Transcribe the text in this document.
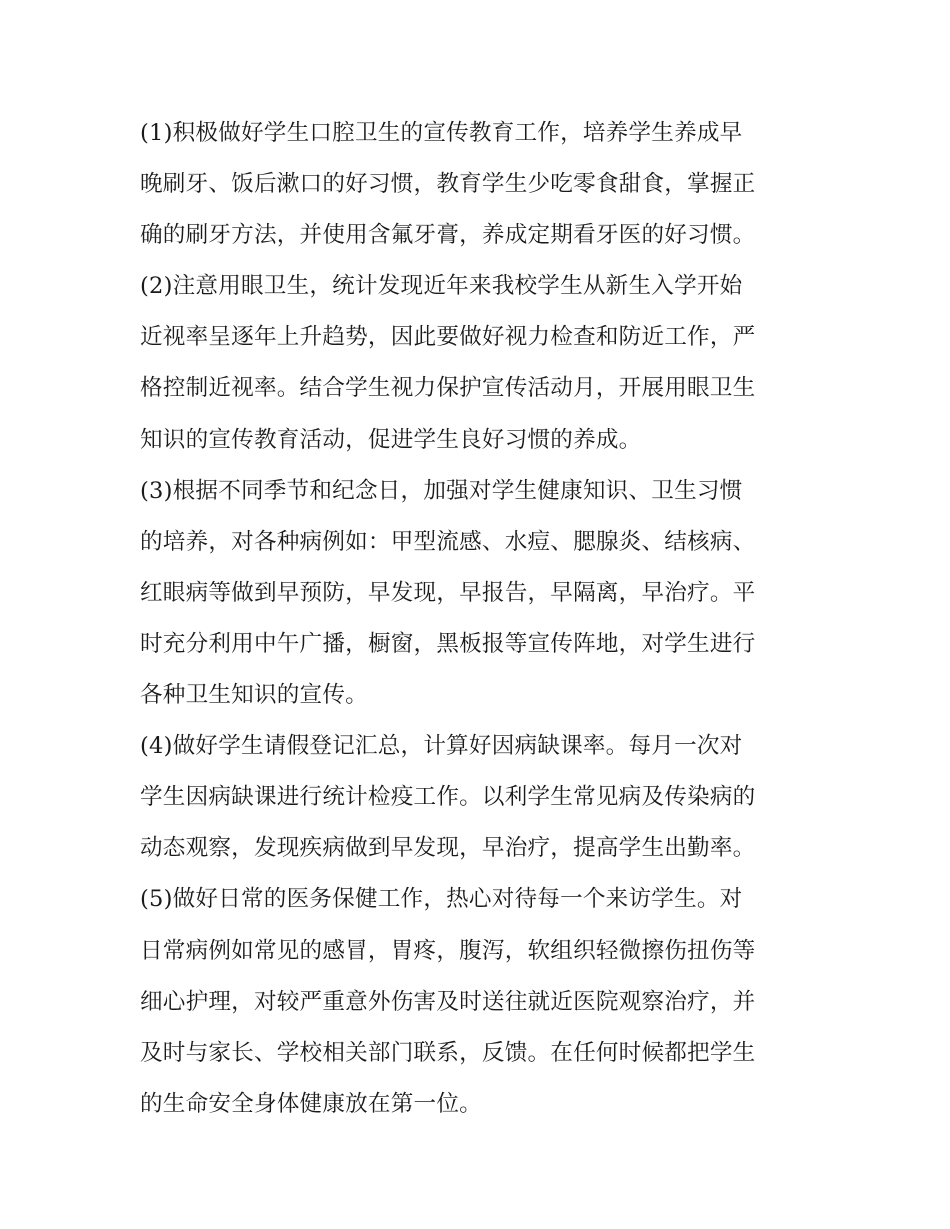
(1)积极做好学生口腔卫生的宣传教育工作，培养学生养成早
晚刷牙、饭后漱口的好习惯，教育学生少吃零食甜食，掌握正
确的刷牙方法，并使用含氟牙膏，养成定期看牙医的好习惯。
(2)注意用眼卫生，统计发现近年来我校学生从新生入学开始
近视率呈逐年上升趋势，因此要做好视力检查和防近工作，严
格控制近视率。结合学生视力保护宣传活动月，开展用眼卫生
知识的宣传教育活动，促进学生良好习惯的养成。
(3)根据不同季节和纪念日，加强对学生健康知识、卫生习惯
的培养，对各种病例如：甲型流感、水痘、腮腺炎、结核病、
红眼病等做到早预防，早发现，早报告，早隔离，早治疗。平
时充分利用中午广播，橱窗，黑板报等宣传阵地，对学生进行
各种卫生知识的宣传。
(4)做好学生请假登记汇总，计算好因病缺课率。每月一次对
学生因病缺课进行统计检疫工作。以利学生常见病及传染病的
动态观察，发现疾病做到早发现，早治疗，提高学生出勤率。
(5)做好日常的医务保健工作，热心对待每一个来访学生。对
日常病例如常见的感冒，胃疼，腹泻，软组织轻微擦伤扭伤等
细心护理，对较严重意外伤害及时送往就近医院观察治疗，并
及时与家长、学校相关部门联系，反馈。在任何时候都把学生
的生命安全身体健康放在第一位。
